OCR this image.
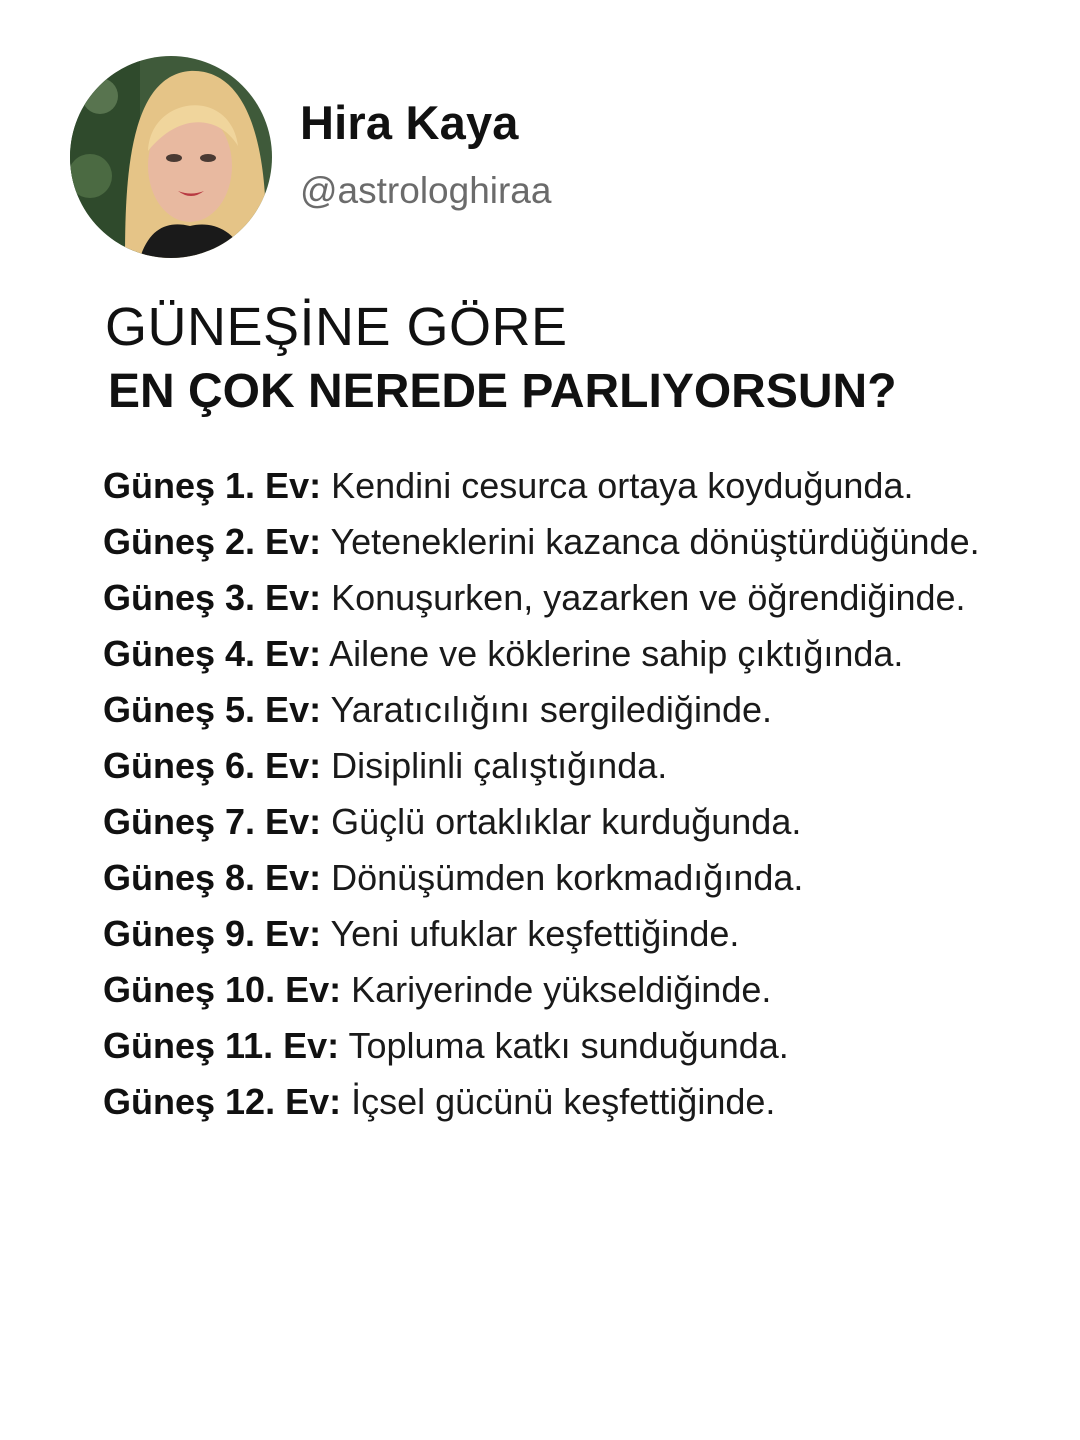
Hira Kaya
@astrologhiraa
GÜNEŞİNE GÖRE
EN ÇOK NEREDE PARLIYORSUN?
Güneş 1. Ev: Kendini cesurca ortaya koyduğunda.
Güneş 2. Ev: Yeteneklerini kazanca dönüştürdüğünde.
Güneş 3. Ev: Konuşurken, yazarken ve öğrendiğinde.
Güneş 4. Ev: Ailene ve köklerine sahip çıktığında.
Güneş 5. Ev: Yaratıcılığını sergilediğinde.
Güneş 6. Ev: Disiplinli çalıştığında.
Güneş 7. Ev: Güçlü ortaklıklar kurduğunda.
Güneş 8. Ev: Dönüşümden korkmadığında.
Güneş 9. Ev: Yeni ufuklar keşfettiğinde.
Güneş 10. Ev: Kariyerinde yükseldiğinde.
Güneş 11. Ev: Topluma katkı sunduğunda.
Güneş 12. Ev: İçsel gücünü keşfettiğinde.
